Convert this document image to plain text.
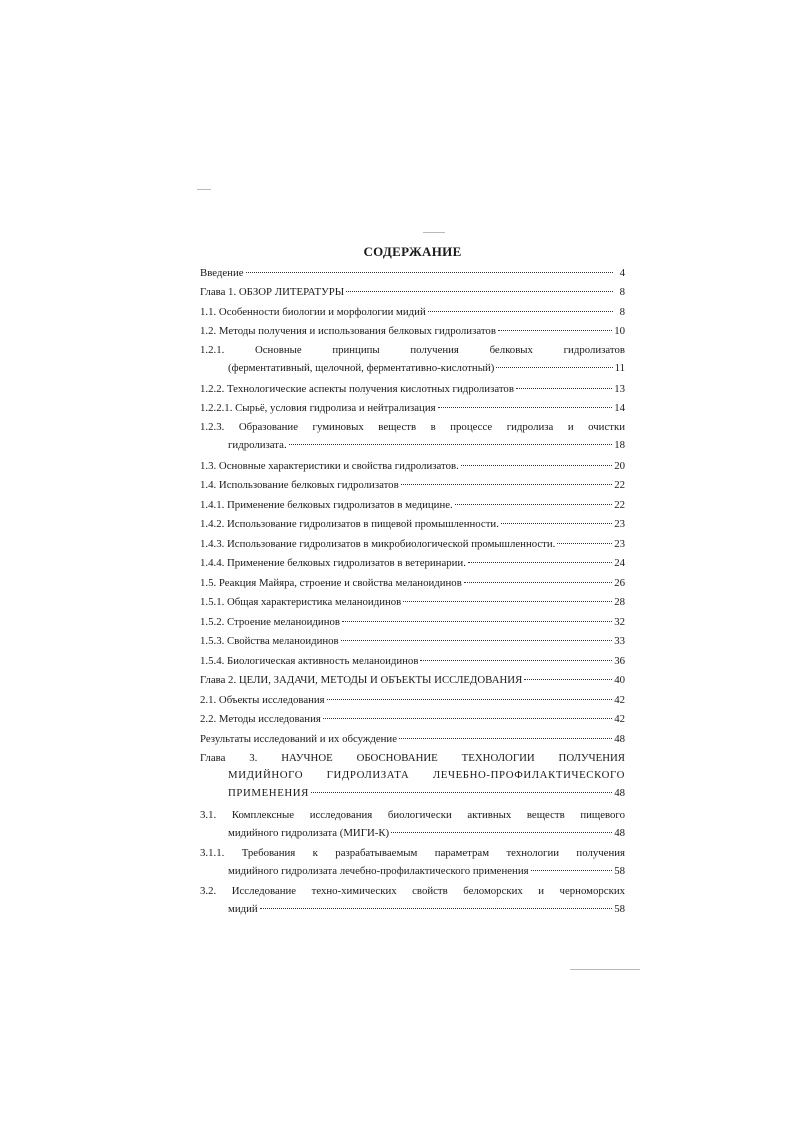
СОДЕРЖАНИЕ
Введение	4
Глава 1. ОБЗОР ЛИТЕРАТУРЫ	8
1.1. Особенности биологии и морфологии мидий	8
1.2. Методы получения и использования белковых гидролизатов	10
1.2.1. Основные принципы получения белковых гидролизатов
(ферментативный, щелочной, ферментативно-кислотный)	11
1.2.2. Технологические аспекты получения кислотных гидролизатов	13
1.2.2.1. Сырьё, условия гидролиза и нейтрализация	14
1.2.3. Образование гуминовых веществ в процессе гидролиза и очистки
гидролизата.	18
1.3. Основные характеристики и свойства гидролизатов.	20
1.4. Использование белковых гидролизатов	22
1.4.1. Применение белковых гидролизатов в медицине.	22
1.4.2. Использование гидролизатов в пищевой промышленности.	23
1.4.3. Использование гидролизатов в микробиологической промышленности.	23
1.4.4. Применение белковых гидролизатов в ветеринарии.	24
1.5. Реакция Майяра, строение и свойства меланоидинов	26
1.5.1. Общая характеристика меланоидинов	28
1.5.2. Строение меланоидинов	32
1.5.3. Свойства меланоидинов	33
1.5.4. Биологическая активность меланоидинов	36
Глава 2. ЦЕЛИ, ЗАДАЧИ, МЕТОДЫ И ОБЪЕКТЫ ИССЛЕДОВАНИЯ	40
2.1. Объекты исследования	42
2.2. Методы исследования	42
Результаты исследований и их обсуждение	48
Глава 3. НАУЧНОЕ ОБОСНОВАНИЕ ТЕХНОЛОГИИ ПОЛУЧЕНИЯ
МИДИЙНОГО ГИДРОЛИЗАТА ЛЕЧЕБНО-ПРОФИЛАКТИЧЕСКОГО
ПРИМЕНЕНИЯ	48
3.1. Комплексные исследования биологически активных веществ пищевого
мидийного гидролизата (МИГИ-К)	48
3.1.1. Требования к разрабатываемым параметрам технологии получения
мидийного гидролизата лечебно-профилактического применения	58
3.2. Исследование техно-химических свойств беломорских и черноморских
мидий	58
